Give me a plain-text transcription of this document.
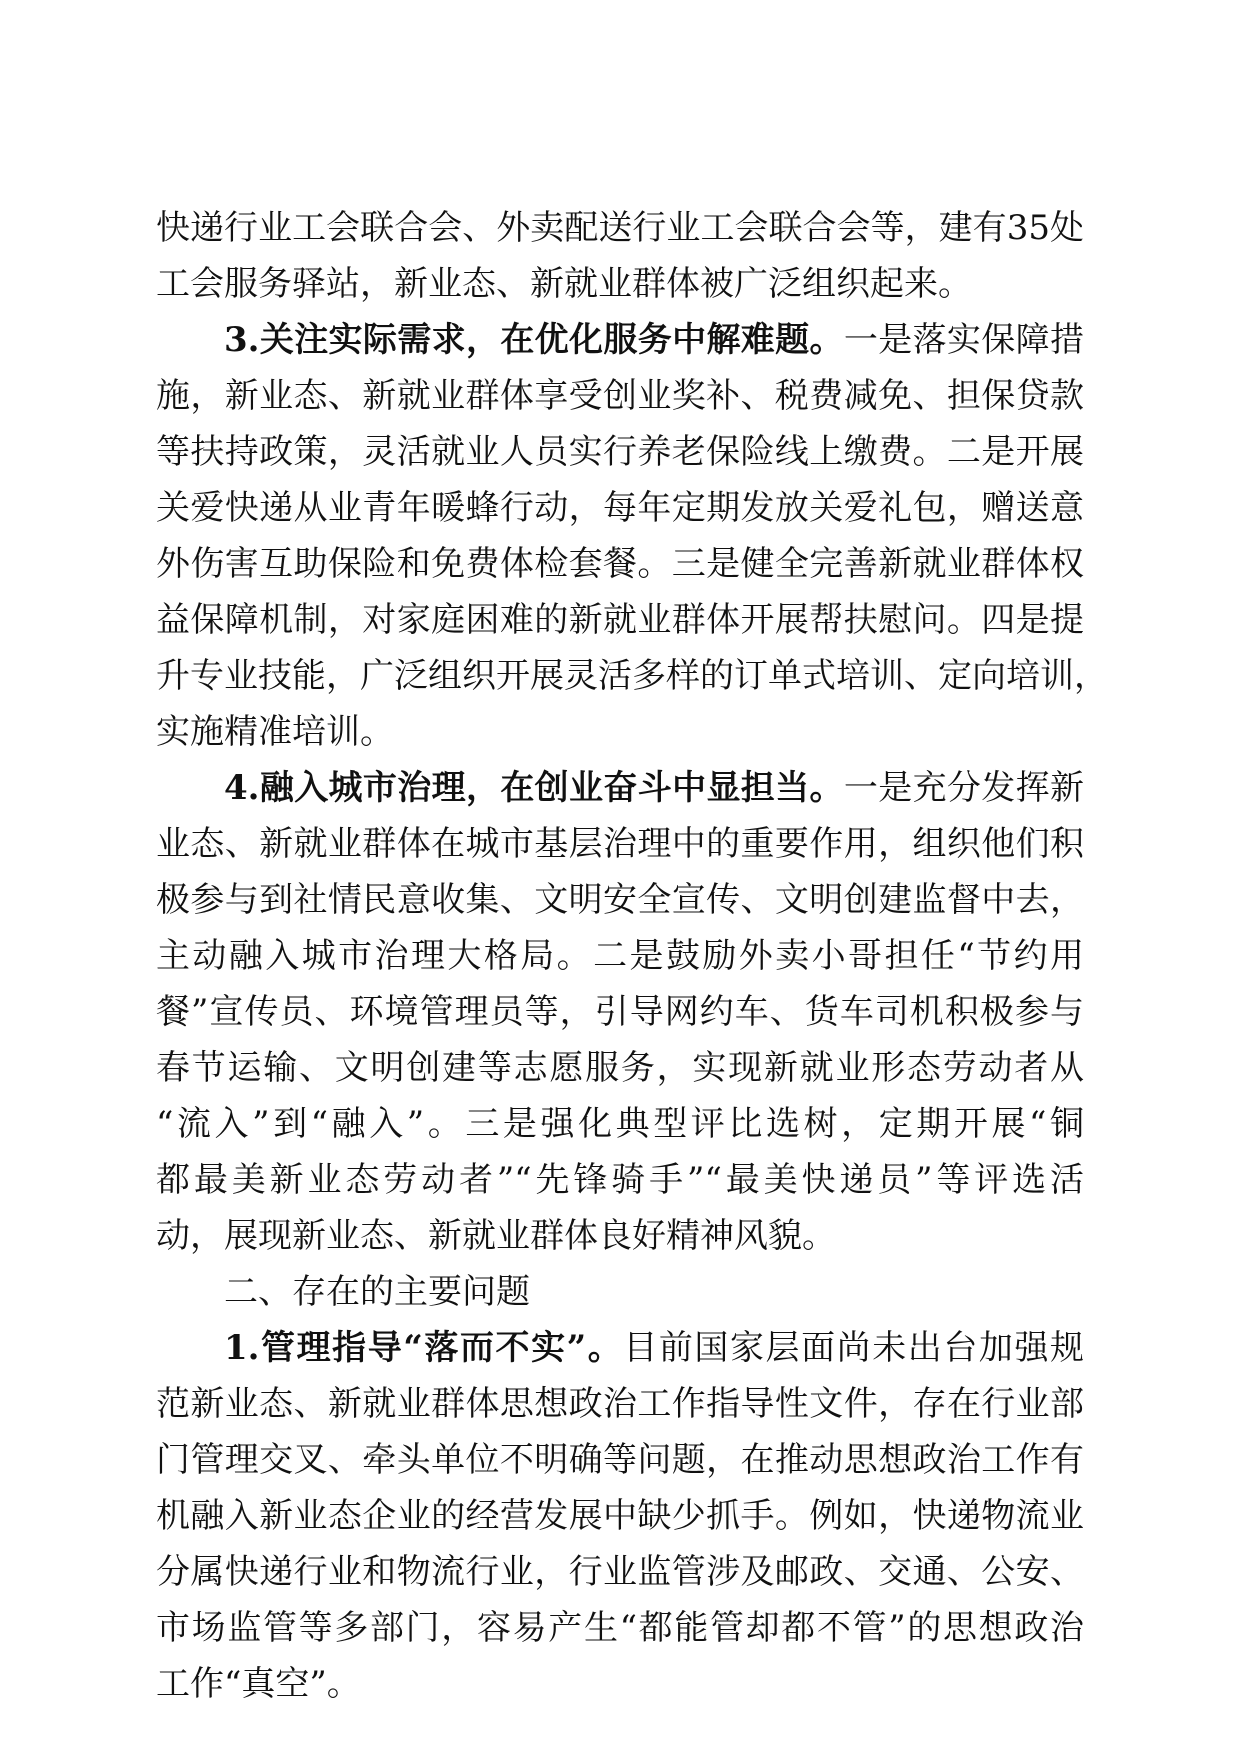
快递行业工会联合会、外卖配送行业工会联合会等，建有35处
工会服务驿站，新业态、新就业群体被广泛组织起来。
3.关注实际需求，在优化服务中解难题。一是落实保障措
施，新业态、新就业群体享受创业奖补、税费减免、担保贷款
等扶持政策，灵活就业人员实行养老保险线上缴费。二是开展
关爱快递从业青年暖蜂行动，每年定期发放关爱礼包，赠送意
外伤害互助保险和免费体检套餐。三是健全完善新就业群体权
益保障机制，对家庭困难的新就业群体开展帮扶慰问。四是提
升专业技能，广泛组织开展灵活多样的订单式培训、定向培训，
实施精准培训。
4.融入城市治理，在创业奋斗中显担当。一是充分发挥新
业态、新就业群体在城市基层治理中的重要作用，组织他们积
极参与到社情民意收集、文明安全宣传、文明创建监督中去，
主动融入城市治理大格局。二是鼓励外卖小哥担任“节约用
餐”宣传员、环境管理员等，引导网约车、货车司机积极参与
春节运输、文明创建等志愿服务，实现新就业形态劳动者从
“流入”到“融入”。三是强化典型评比选树，定期开展“铜
都最美新业态劳动者”“先锋骑手”“最美快递员”等评选活
动，展现新业态、新就业群体良好精神风貌。
二、存在的主要问题
1.管理指导“落而不实”。目前国家层面尚未出台加强规
范新业态、新就业群体思想政治工作指导性文件，存在行业部
门管理交叉、牵头单位不明确等问题，在推动思想政治工作有
机融入新业态企业的经营发展中缺少抓手。例如，快递物流业
分属快递行业和物流行业，行业监管涉及邮政、交通、公安、
市场监管等多部门，容易产生“都能管却都不管”的思想政治
工作“真空”。
